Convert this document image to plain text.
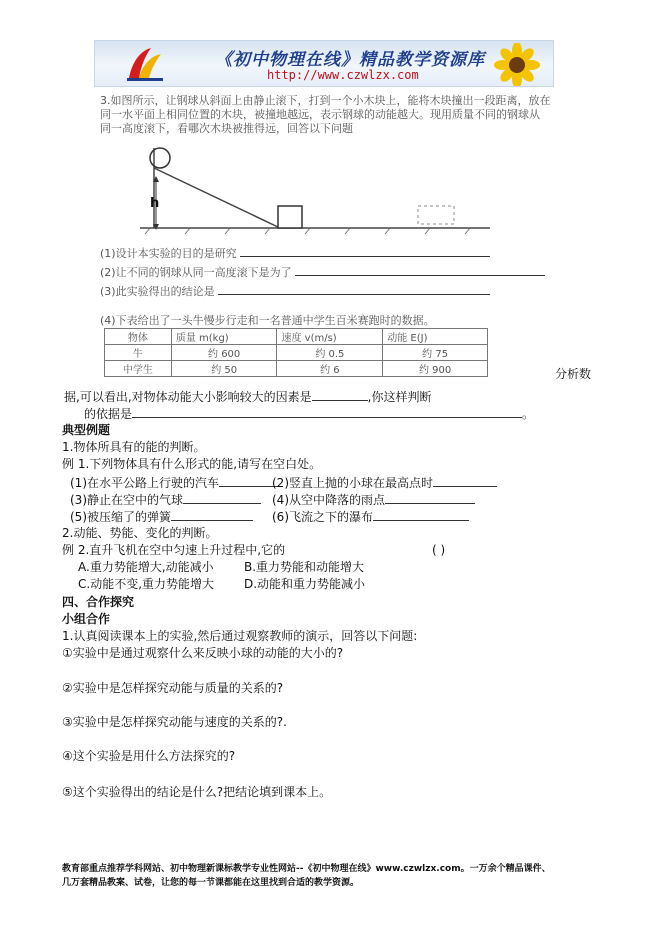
《初中物理在线》精品教学资源库
http://www.czwlzx.com
3.如图所示，让钢球从斜面上由静止滚下，打到一个小木块上，能将木块撞出一段距离，放在
同一水平面上相同位置的木块，被撞地越远，表示钢球的动能越大。现用质量不同的钢球从
同一高度滚下，看哪次木块被推得远，回答以下问题
h
(1)设计本实验的目的是研究
(2)让不同的钢球从同一高度滚下是为了
(3)此实验得出的结论是
(4)下表给出了一头牛慢步行走和一名普通中学生百米赛跑时的数据。
物体	质量 m(kg)	速度 v(m/s)	动能 E(J)
牛	约 600	约 0.5	约 75
中学生	约 50	约 6	约 900	分析数
据,可以看出,对物体动能大小影响较大的因素是	,你这样判断
的依据是	。
典型例题
1.物体所具有的能的判断。
例 1.下列物体具有什么形式的能,请写在空白处。
(1)在水平公路上行驶的汽车	(2)竖直上抛的小球在最高点时
(3)静止在空中的气球	(4)从空中降落的雨点
(5)被压缩了的弹簧	(6)飞流之下的瀑布
2.动能、势能、变化的判断。
例 2.直升飞机在空中匀速上升过程中,它的	( )
A.重力势能增大,动能减小	B.重力势能和动能增大
C.动能不变,重力势能增大 D.动能和重力势能减小
四、合作探究
小组合作
1.认真阅读课本上的实验,然后通过观察教师的演示，回答以下问题:
①实验中是通过观察什么来反映小球的动能的大小的?
②实验中是怎样探究动能与质量的关系的?
③实验中是怎样探究动能与速度的关系的?.
④这个实验是用什么方法探究的?
⑤这个实验得出的结论是什么?把结论填到课本上。
教育部重点推荐学科网站、初中物理新课标教学专业性网站--《初中物理在线》www.czwlzx.com。一万余个精品课件、
几万套精品教案、试卷，让您的每一节课都能在这里找到合适的教学资源。
